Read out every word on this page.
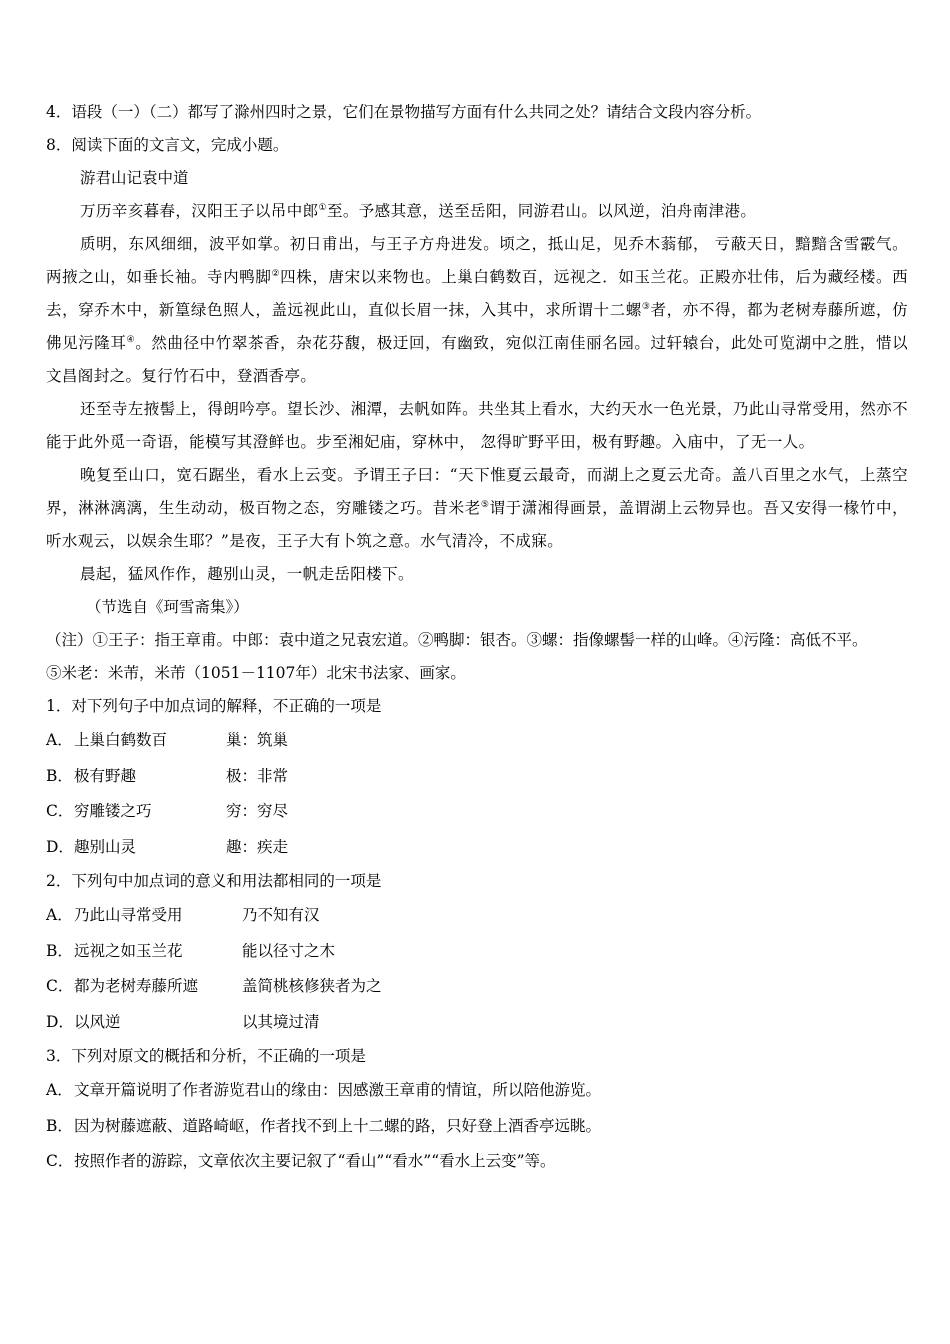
4．语段（一）（二）都写了滁州四时之景，它们在景物描写方面有什么共同之处？请结合文段内容分析。
8．阅读下面的文言文，完成小题。
游君山记袁中道
万历辛亥暮春，汉阳王子以吊中郎①至。予感其意，送至岳阳，同游君山。以风逆，泊舟南津港。
质明，东风细细，波平如掌。初日甫出，与王子方舟进发。顷之，抵山足，见乔木蓊郁， 亏蔽天日，黯黯含雪霰气。两掖之山，如垂长袖。寺内鸭脚②四株，唐宋以来物也。上巢白鹤数百，远视之．如玉兰花。正殿亦壮伟，后为藏经楼。西去，穿乔木中，新篁绿色照人，盖远视此山，直似长眉一抹，入其中，求所谓十二螺③者，亦不得，都为老树寿藤所遮，仿佛见污隆耳④。然曲径中竹翠茶香，杂花芬馥，极迂回，有幽致，宛似江南佳丽名园。过轩辕台，此处可览湖中之胜，惜以文昌阁封之。复行竹石中，登酒香亭。
还至寺左掖髻上，得朗吟亭。望长沙、湘潭，去帆如阵。共坐其上看水，大约天水一色光景，乃此山寻常受用，然亦不能于此外觅一奇语，能模写其澄鲜也。步至湘妃庙，穿林中， 忽得旷野平田，极有野趣。入庙中，了无一人。
晚复至山口，宽石踞坐，看水上云变。予谓王子曰：“天下惟夏云最奇，而湖上之夏云尤奇。盖八百里之水气，上蒸空界，淋淋漓漓，生生动动，极百物之态，穷雕镂之巧。昔米老⑤谓于潇湘得画景，盖谓湖上云物异也。吾又安得一椽竹中，听水观云，以娱余生耶？”是夜，王子大有卜筑之意。水气清冷，不成寐。
晨起，猛风作作，趣别山灵，一帆走岳阳楼下。
（节选自《珂雪斋集》）
（注）①王子：指王章甫。中郎：袁中道之兄袁宏道。②鸭脚：银杏。③螺：指像螺髻一样的山峰。④污隆：高低不平。
⑤米老：米芾，米芾（1051－1107年）北宋书法家、画家。
1．对下列句子中加点词的解释，不正确的一项是
A． 上巢白鹤数百	巢：筑巢
B． 极有野趣	极：非常
C． 穷雕镂之巧	穷：穷尽
D． 趣别山灵	趣：疾走
2．下列句中加点词的意义和用法都相同的一项是
A． 乃此山寻常受用	乃不知有汉
B． 远视之如玉兰花	能以径寸之木
C． 都为老树寿藤所遮	盖简桃核修狭者为之
D． 以风逆	以其境过清
3．下列对原文的概括和分析，不正确的一项是
A． 文章开篇说明了作者游览君山的缘由：因感激王章甫的情谊，所以陪他游览。
B． 因为树藤遮蔽、道路崎岖，作者找不到上十二螺的路，只好登上酒香亭远眺。
C． 按照作者的游踪，文章依次主要记叙了“看山”“看水”“看水上云变”等。
